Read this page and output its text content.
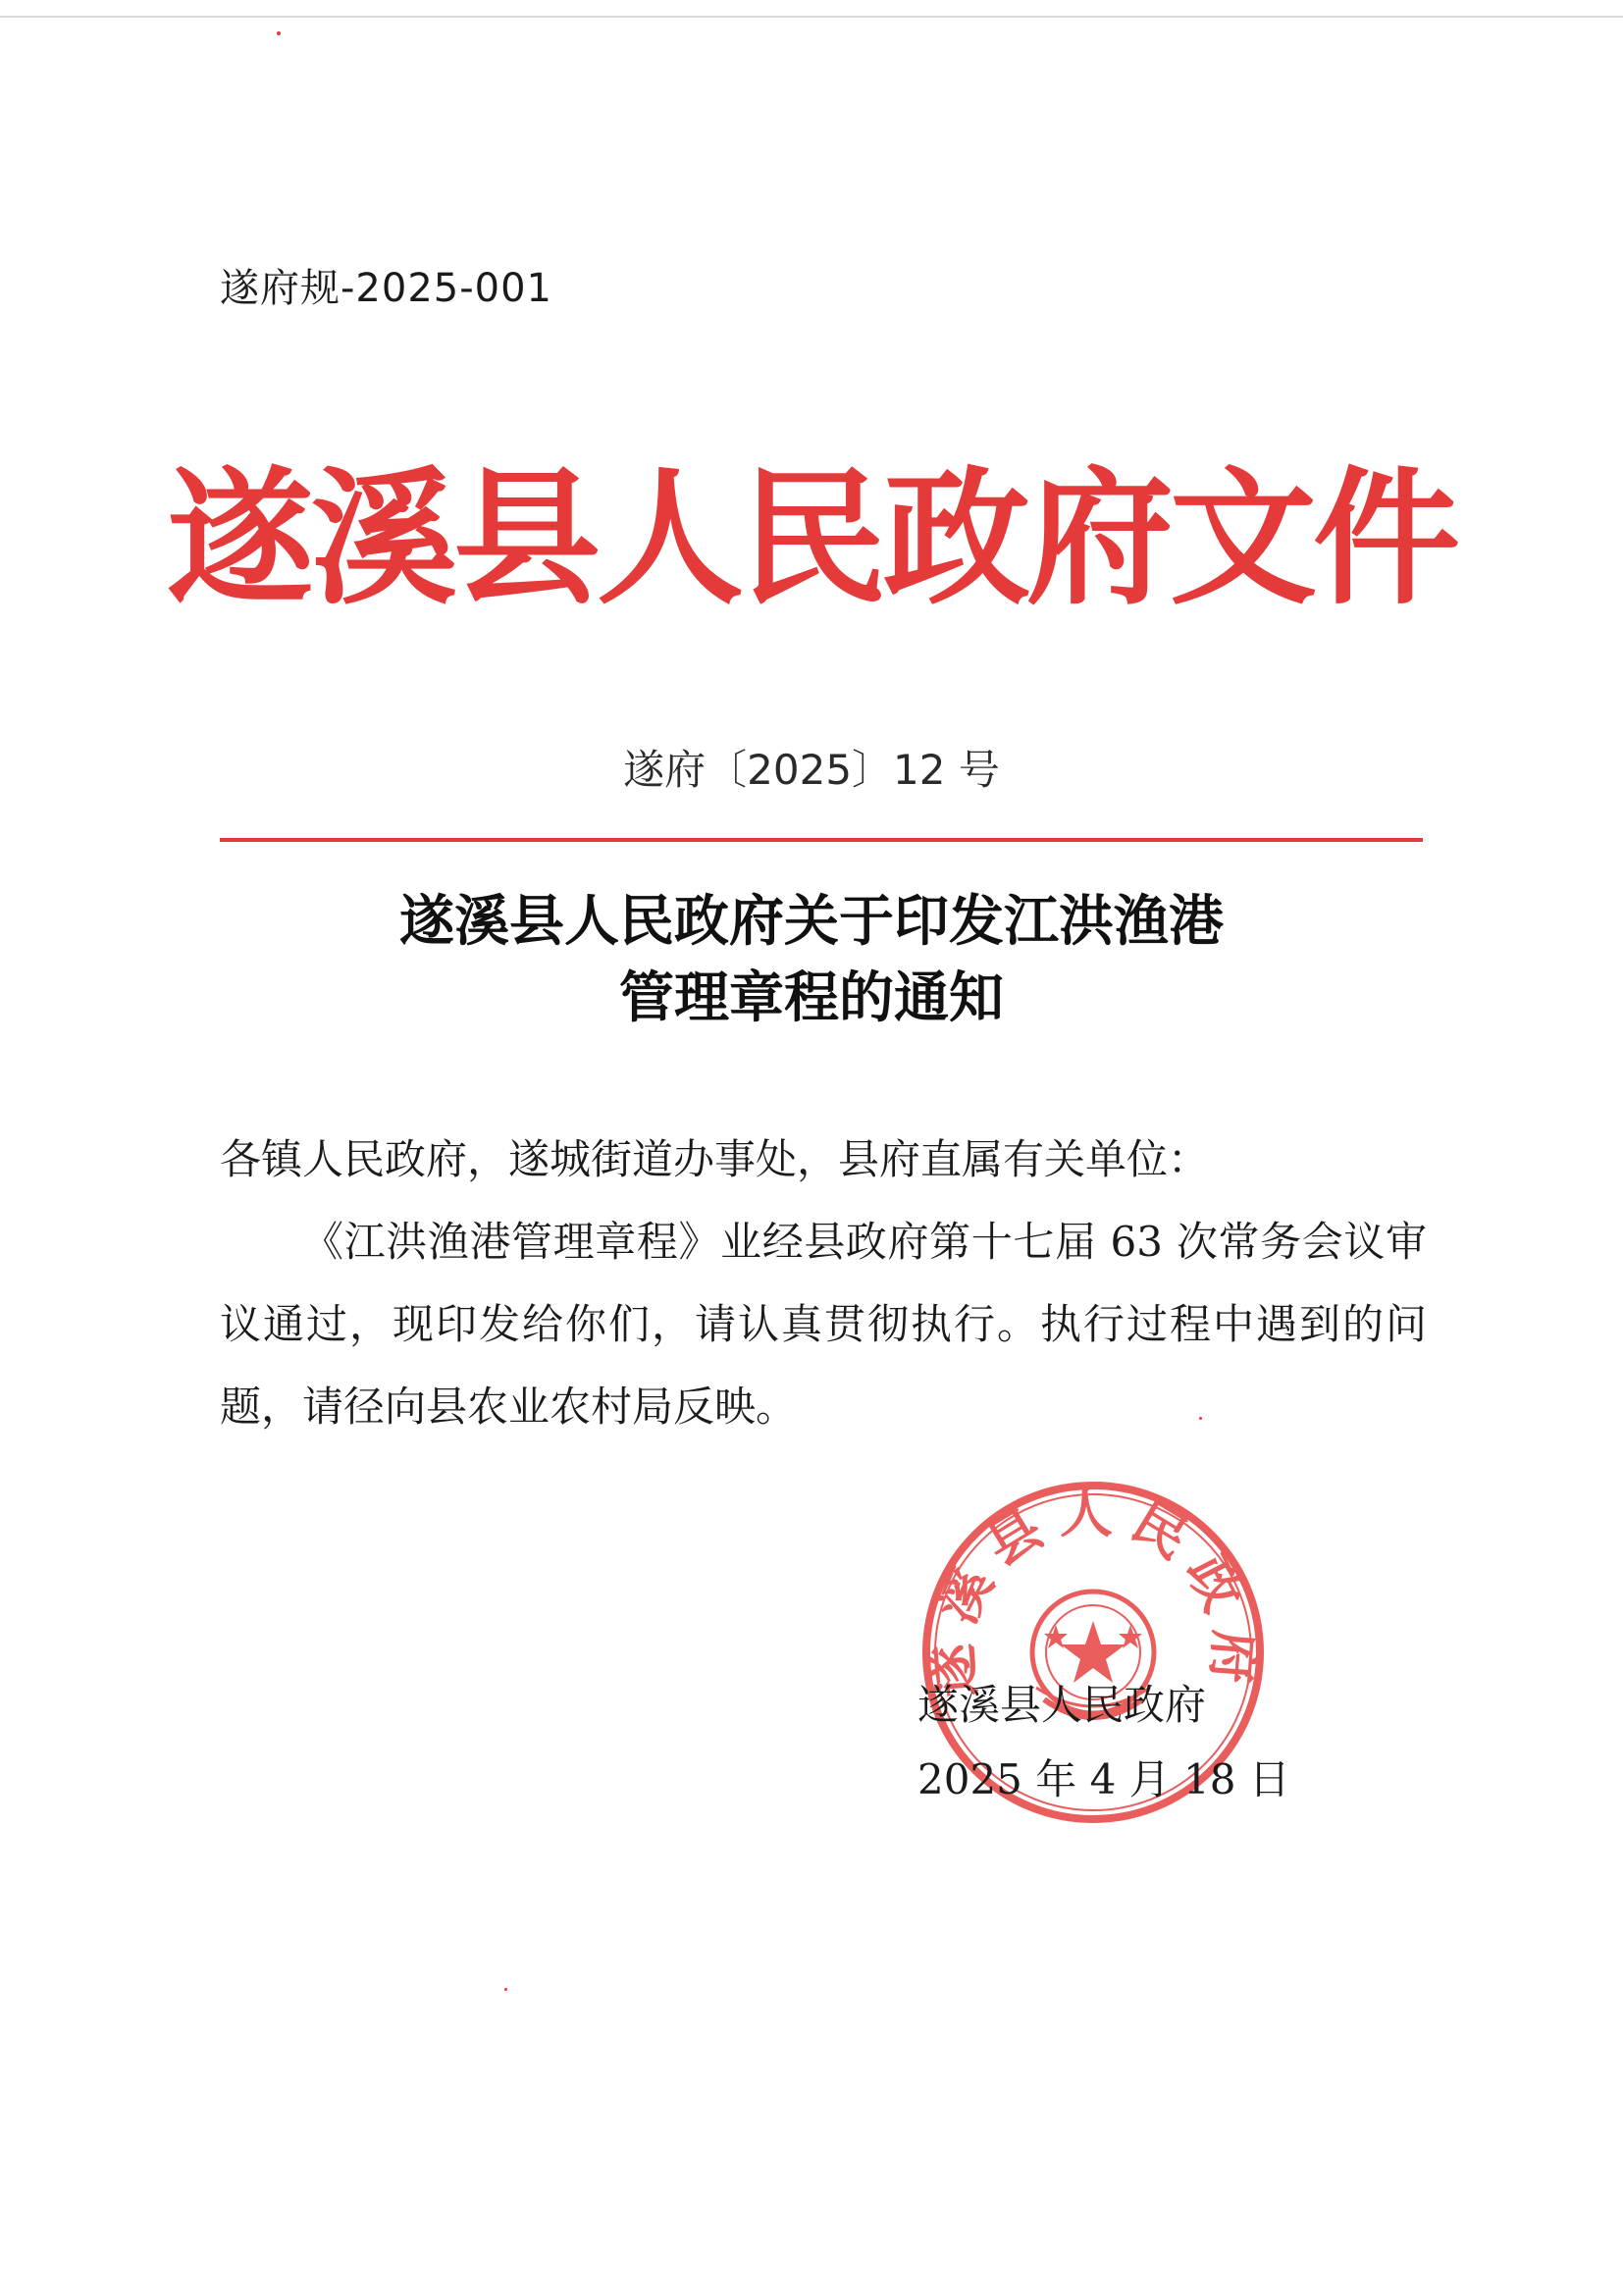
遂府规-2025-001
遂溪县人民政府文件
遂府〔2025〕12 号
遂溪县人民政府关于印发江洪渔港
管理章程的通知

各镇人民政府，遂城街道办事处，县府直属有关单位：

《江洪渔港管理章程》业经县政府第十七届 63 次常务会议审议通过，现印发给你们，请认真贯彻执行。执行过程中遇到的问题，请径向县农业农村局反映。

遂溪县人民政府
遂溪县人民政府
2025 年 4 月 18 日
